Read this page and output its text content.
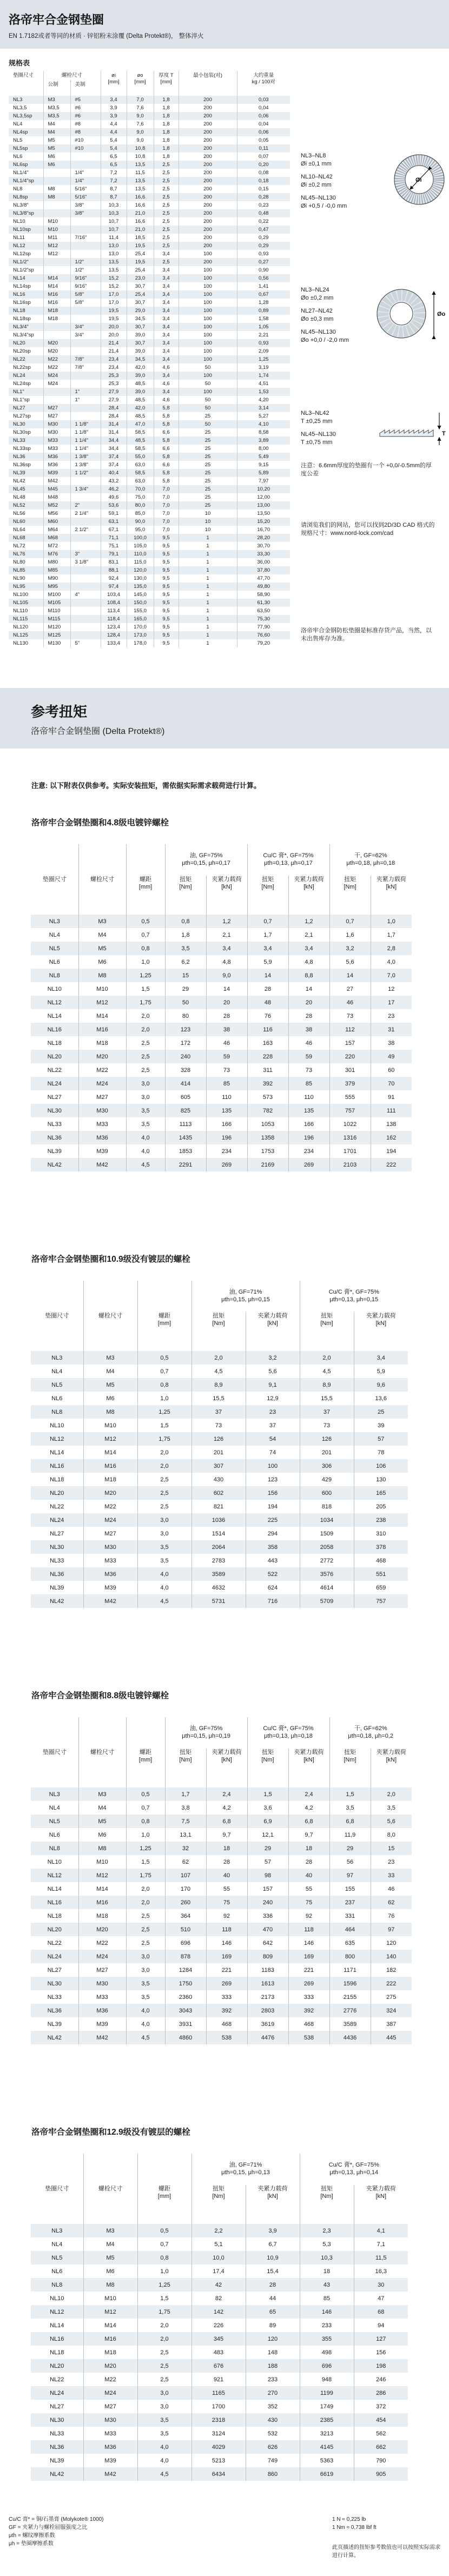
洛帝牢合金钢垫圈
EN 1.7182或者等同的材质 · 锌铝粉末涂覆 (Delta Protekt®)， 整体淬火
规格表
垫圈尺寸	螺栓尺寸	øi
[mm]

øo
[mm]

厚度 T
[mm]
	最小包装(对)	大约重量
kg / 100对

	公制	美制					
NL3	M3	#5	3,4	7,0	1,8	200	0,03
NL3,5	M3,5	#6	3,9	7,6	1,8	200	0,04
NL3,5sp	M3,5	#6	3,9	9,0	1,8	200	0,06
NL4	M4	#8	4,4	7,6	1,8	200	0,04
NL4sp	M4	#8	4,4	9,0	1,8	200	0,06
NL5	M5	#10	5,4	9,0	1,8	200	0,05
NL5sp	M5	#10	5,4	10,8	1,8	200	0,11
NL6	M6		6,5	10,8	1,8	200	0,07
NL6sp	M6		6,5	13,5	2,5	200	0,20
NL1/4"		1/4"	7,2	11,5	2,5	200	0,08
NL1/4"sp		1/4"	7,2	13,5	2,5	200	0,18
NL8	M8	5/16"	8,7	13,5	2,5	200	0,15
NL8sp	M8	5/16"	8,7	16,6	2,5	200	0,28
NL3/8"		3/8"	10,3	16,6	2,5	200	0,23
NL3/8"sp		3/8"	10,3	21,0	2,5	200	0,48
NL10	M10		10,7	16,6	2,5	200	0,22
NL10sp	M10		10,7	21,0	2,5	200	0,47
NL11	M11	7/16"	11,4	18,5	2,5	200	0,29
NL12	M12		13,0	19,5	2,5	200	0,29
NL12sp	M12		13,0	25,4	3,4	100	0,93
NL1/2"		1/2"	13,5	19,5	2,5	200	0,27
NL1/2"sp		1/2"	13,5	25,4	3,4	100	0,90
NL14	M14	9/16"	15,2	23,0	3,4	100	0,56
NL14sp	M14	9/16"	15,2	30,7	3,4	100	1,41
NL16	M16	5/8"	17,0	25,4	3,4	100	0,67
NL16sp	M16	5/8"	17,0	30,7	3,4	100	1,28
NL18	M18		19,5	29,0	3,4	100	0,89
NL18sp	M18		19,5	34,5	3,4	100	1,58
NL3/4"		3/4"	20,0	30,7	3,4	100	1,05
NL3/4"sp		3/4"	20,0	39,0	3,4	100	2,21
NL20	M20		21,4	30,7	3,4	100	0,93
NL20sp	M20		21,4	39,0	3,4	100	2,09
NL22	M22	7/8"	23,4	34,5	3,4	100	1,25
NL22sp	M22	7/8"	23,4	42,0	4,6	50	3,19
NL24	M24		25,3	39,0	3,4	100	1,74
NL24sp	M24		25,3	48,5	4,6	50	4,51
NL1"		1"	27,9	39,0	3,4	100	1,53
NL1"sp		1"	27,9	48,5	4,6	50	4,20
NL27	M27		28,4	42,0	5,8	50	3,14
NL27sp	M27		28,4	48,5	5,8	25	5,27
NL30	M30	1 1/8"	31,4	47,0	5,8	50	4,10
NL30sp	M30	1 1/8"	31,4	58,5	6,6	25	8,58
NL33	M33	1 1/4"	34,4	48,5	5,8	25	3,89
NL33sp	M33	1 1/4"	34,4	58,5	6,6	25	8,00
NL36	M36	1 3/8"	37,4	55,0	5,8	25	5,49
NL36sp	M36	1 3/8"	37,4	63,0	6,6	25	9,15
NL39	M39	1 1/2"	40,4	58,5	5,8	25	5,89
NL42	M42		43,2	63,0	5,8	25	7,97
NL45	M45	1 3/4"	46,2	70,0	7,0	25	10,20
NL48	M48		49,6	75,0	7,0	25	12,00
NL52	M52	2"	53,6	80,0	7,0	25	13,00
NL56	M56	2 1/4"	59,1	85,0	7,0	10	13,50
NL60	M60		63,1	90,0	7,0	10	15,20
NL64	M64	2 1/2"	67,1	95,0	7,0	10	16,70
NL68	M68		71,1	100,0	9,5	1	28,20
NL72	M72		75,1	105,0	9,5	1	30,70
NL76	M76	3"	79,1	110,0	9,5	1	33,30
NL80	M80	3 1/8"	83,1	115,0	9,5	1	36,00
NL85	M85		88,1	120,0	9,5	1	37,80
NL90	M90		92,4	130,0	9,5	1	47,70
NL95	M95		97,4	135,0	9,5	1	49,80
NL100	M100	4"	103,4	145,0	9,5	1	58,90
NL105	M105		108,4	150,0	9,5	1	61,30
NL110	M110		113,4	155,0	9,5	1	63,50
NL115	M115		118,4	165,0	9,5	1	75,30
NL120	M120		123,4	170,0	9,5	1	77,90
NL125	M125		128,4	173,0	9,5	1	76,60
NL130	M130	5"	133,4	178,0	9,5	1	79,20
NL3–NL8
Øi ±0,1 mm
NL10–NL42
Øi ±0,2 mm
NL45–NL130
Øi +0,5 / -0,0 mm
Øi
NL3–NL24
Øo ±0,2 mm
NL27–NL42
Øo ±0,3 mm
NL45–NL130
Øo +0,0 / -2,0 mm
Øo
NL3–NL42
T ±0,25 mm
NL45–NL130
T ±0,75 mm
T
注意：6.6mm厚度的垫圈有一个 +0,0/-0.5mm的厚度公差
请浏览我们的网站，您可以找到2D/3D CAD 格式的规格尺寸：www.nord-lock.com/cad
洛帝牢合金钢防松垫圈是标准存货产品，当然，以未出售库存为准。
参考扭矩
洛帝牢合金钢垫圈 (Delta Protekt®)
注意: 以下附表仅供参考。实际安装扭矩，需依据实际需求载荷进行计算。
洛帝牢合金钢垫圈和4.8级电镀锌螺栓

油, GF=75%
μth=0,15, μh=0,17

Cu/C 膏*, GF=75%
μth=0,13, μh=0,17

干, GF=62%
μth=0,18, μh=0,18

垫圈尺寸	螺栓尺寸	螺距
[mm]	扭矩
[Nm]	夹紧力载荷
[kN]	扭矩
[Nm]	夹紧力载荷
[kN]	扭矩
[Nm]	夹紧力载荷
[kN]
NL3	M3	0,5	0,8	1,2	0,7	1,2	0,7	1,0
NL4	M4	0,7	1,8	2,1	1,7	2,1	1,6	1,7
NL5	M5	0,8	3,5	3,4	3,4	3,4	3,2	2,8
NL6	M6	1,0	6,2	4,8	5,9	4,8	5,6	4,0
NL8	M8	1,25	15	9,0	14	8,8	14	7,0
NL10	M10	1,5	29	14	28	14	27	12
NL12	M12	1,75	50	20	48	20	46	17
NL14	M14	2,0	80	28	76	28	73	23
NL16	M16	2,0	123	38	116	38	112	31
NL18	M18	2,5	172	46	163	46	157	38
NL20	M20	2,5	240	59	228	59	220	49
NL22	M22	2,5	328	73	311	73	301	60
NL24	M24	3,0	414	85	392	85	379	70
NL27	M27	3,0	605	110	573	110	555	91
NL30	M30	3,5	825	135	782	135	757	111
NL33	M33	3,5	1113	166	1053	166	1022	138
NL36	M36	4,0	1435	196	1358	196	1316	162
NL39	M39	4,0	1853	234	1753	234	1701	194
NL42	M42	4,5	2291	269	2169	269	2103	222
洛帝牢合金钢垫圈和10.9级没有镀层的螺栓

油, GF=71%
μth=0,15, μh=0,15

Cu/C 膏*, GF=75%
μth=0,13, μh=0,15

垫圈尺寸	螺栓尺寸	螺距
[mm]	扭矩
[Nm]	夹紧力载荷
[kN]	扭矩
[Nm]	夹紧力载荷
[kN]
NL3	M3	0,5	2,0	3,2	2,0	3,4
NL4	M4	0,7	4,5	5,6	4,5	5,9
NL5	M5	0,8	8,9	9,1	8,9	9,6
NL6	M6	1,0	15,5	12,9	15,5	13,6
NL8	M8	1,25	37	23	37	25
NL10	M10	1,5	73	37	73	39
NL12	M12	1,75	126	54	126	57
NL14	M14	2,0	201	74	201	78
NL16	M16	2,0	307	100	306	106
NL18	M18	2,5	430	123	429	130
NL20	M20	2,5	602	156	600	165
NL22	M22	2,5	821	194	818	205
NL24	M24	3,0	1036	225	1034	238
NL27	M27	3,0	1514	294	1509	310
NL30	M30	3,5	2064	358	2058	378
NL33	M33	3,5	2783	443	2772	468
NL36	M36	4,0	3589	522	3576	551
NL39	M39	4,0	4632	624	4614	659
NL42	M42	4,5	5731	716	5709	757
洛帝牢合金钢垫圈和8.8级电镀锌螺栓

油, GF=75%
μth=0,15, μh=0,19

Cu/C 膏*, GF=75%
μth=0,13, μh=0,18

干, GF=62%
μth=0,18, μh=0,2

垫圈尺寸	螺栓尺寸	螺距
[mm]	扭矩
[Nm]	夹紧力载荷
[kN]	扭矩
[Nm]	夹紧力载荷
[kN]	扭矩
[Nm]	夹紧力载荷
[kN]
NL3	M3	0,5	1,7	2,4	1,5	2,4	1,5	2,0
NL4	M4	0,7	3,8	4,2	3,6	4,2	3,5	3,5
NL5	M5	0,8	7,5	6,8	6,9	6,8	6,8	5,6
NL6	M6	1,0	13,1	9,7	12,1	9,7	11,9	8,0
NL8	M8	1,25	32	18	29	18	29	15
NL10	M10	1,5	62	28	57	28	56	23
NL12	M12	1,75	107	40	98	40	97	33
NL14	M14	2,0	170	55	157	55	155	46
NL16	M16	2,0	260	75	240	75	237	62
NL18	M18	2,5	364	92	336	92	331	76
NL20	M20	2,5	510	118	470	118	464	97
NL22	M22	2,5	696	146	642	146	635	120
NL24	M24	3,0	878	169	809	169	800	140
NL27	M27	3,0	1284	221	1183	221	1171	182
NL30	M30	3,5	1750	269	1613	269	1596	222
NL33	M33	3,5	2360	333	2173	333	2155	275
NL36	M36	4,0	3043	392	2803	392	2776	324
NL39	M39	4,0	3931	468	3619	468	3589	387
NL42	M42	4,5	4860	538	4476	538	4436	445
洛帝牢合金钢垫圈和12.9级没有镀层的螺栓

油, GF=71%
μth=0,15, μh=0,13

Cu/C 膏*, GF=75%
μth=0,13, μh=0,14

垫圈尺寸	螺栓尺寸	螺距
[mm]	扭矩
[Nm]	夹紧力载荷
[kN]	扭矩
[Nm]	夹紧力载荷
[kN]
NL3	M3	0,5	2,2	3,9	2,3	4,1
NL4	M4	0,7	5,1	6,7	5,3	7,1
NL5	M5	0,8	10,0	10,9	10,3	11,5
NL6	M6	1,0	17,4	15,4	18	16,3
NL8	M8	1,25	42	28	43	30
NL10	M10	1,5	82	44	85	47
NL12	M12	1,75	142	65	146	68
NL14	M14	2,0	226	89	233	94
NL16	M16	2,0	345	120	355	127
NL18	M18	2,5	483	148	498	156
NL20	M20	2,5	676	188	696	198
NL22	M22	2,5	921	233	948	246
NL24	M24	3,0	1165	270	1199	286
NL27	M27	3,0	1700	352	1749	372
NL30	M30	3,5	2318	430	2385	454
NL33	M33	3,5	3124	532	3213	562
NL36	M36	4,0	4029	626	4145	662
NL39	M39	4,0	5213	749	5363	790
NL42	M42	4,5	6434	860	6619	905
Cu/C 膏* = 铜/石墨膏 (Molykote® 1000)
GF = 夹紧力与螺栓屈服强度之比
μth = 螺纹摩擦系数
μh = 垫圈摩擦系数
1 N ≈ 0,225 lb
1 Nm ≈ 0,738 lbf ft
此页描述的扭矩参考数值也可以按照实际需求进行计算。
